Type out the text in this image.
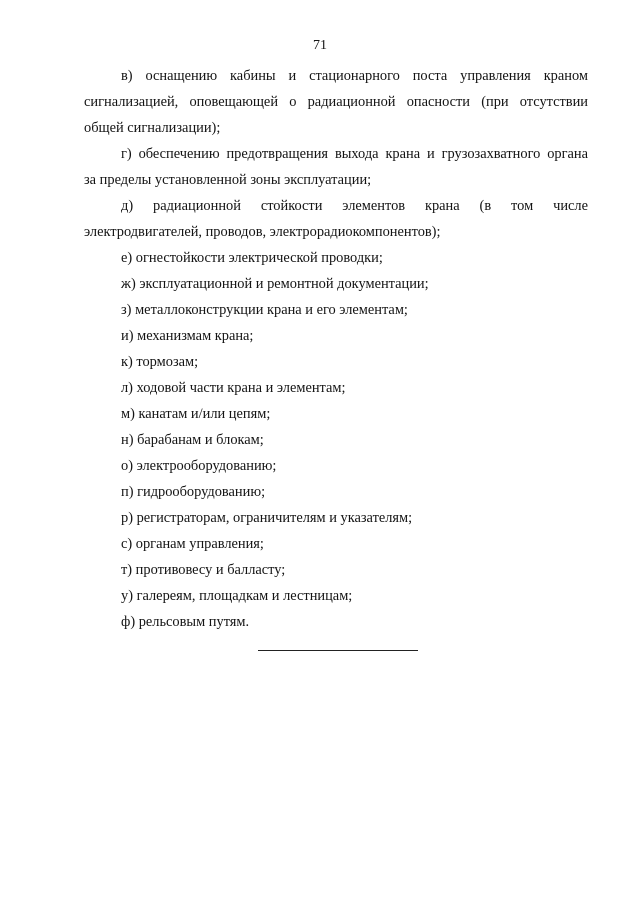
71
в) оснащению кабины и стационарного поста управления краном
сигнализацией, оповещающей о радиационной опасности (при отсутствии
общей сигнализации);
г) обеспечению предотвращения выхода крана и грузозахватного органа
за пределы установленной зоны эксплуатации;
д) радиационной стойкости элементов крана (в том числе
электродвигателей, проводов, электрорадиокомпонентов);
е) огнестойкости электрической проводки;
ж) эксплуатационной и ремонтной документации;
з) металлоконструкции крана и его элементам;
и) механизмам крана;
к) тормозам;
л) ходовой части крана и элементам;
м) канатам и/или цепям;
н) барабанам и блокам;
о) электрооборудованию;
п) гидрооборудованию;
р) регистраторам, ограничителям и указателям;
с) органам управления;
т) противовесу и балласту;
у) галереям, площадкам и лестницам;
ф) рельсовым путям.
